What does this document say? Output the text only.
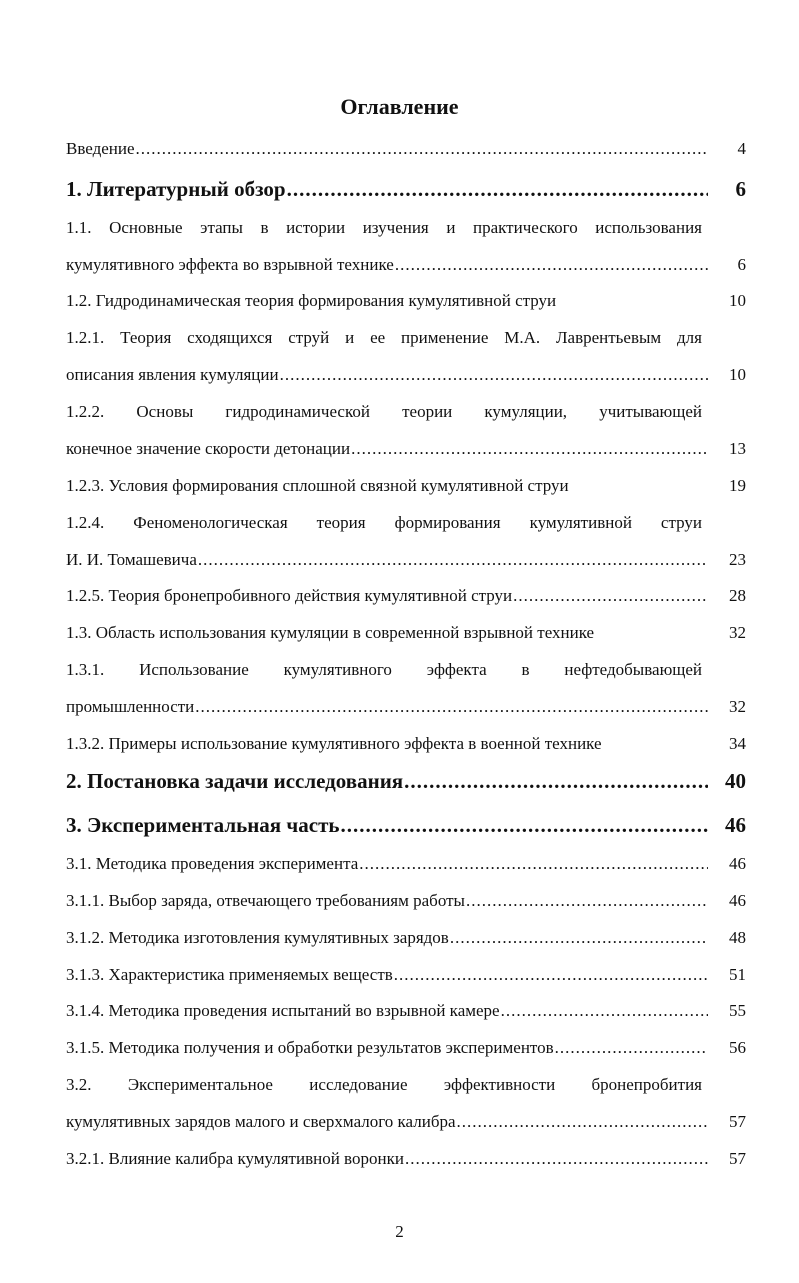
Оглавление
Введение .....	4
1. Литературный обзор .....	6
1.1. Основные этапы в истории изучения и практического использования
кумулятивного эффекта во взрывной технике .....	6
1.2. Гидродинамическая теория формирования кумулятивной струи	10
1.2.1. Теория сходящихся струй и ее применение М.А. Лаврентьевым для
описания явления кумуляции .....	10
1.2.2. Основы гидродинамической теории кумуляции, учитывающей
конечное значение скорости детонации .....	13
1.2.3. Условия формирования сплошной связной кумулятивной струи	19
1.2.4. Феноменологическая теория формирования кумулятивной струи
И. И. Томашевича .....	23
1.2.5. Теория бронепробивного действия кумулятивной струи .....	28
1.3. Область использования кумуляции в современной взрывной технике	32
1.3.1. Использование кумулятивного эффекта в нефтедобывающей
промышленности .....	32
1.3.2. Примеры использование кумулятивного эффекта в военной технике	34
2. Постановка задачи исследования .....	40
3. Экспериментальная часть .....	46
3.1. Методика проведения эксперимента .....	46
3.1.1. Выбор заряда, отвечающего требованиям работы .....	46
3.1.2. Методика изготовления кумулятивных зарядов .....	48
3.1.3. Характеристика применяемых веществ .....	51
3.1.4. Методика проведения испытаний во взрывной камере .....	55
3.1.5. Методика получения и обработки результатов экспериментов .....	56
3.2. Экспериментальное исследование эффективности бронепробития
кумулятивных зарядов малого и сверхмалого калибра .....	57
3.2.1. Влияние калибра кумулятивной воронки .....	57
2
